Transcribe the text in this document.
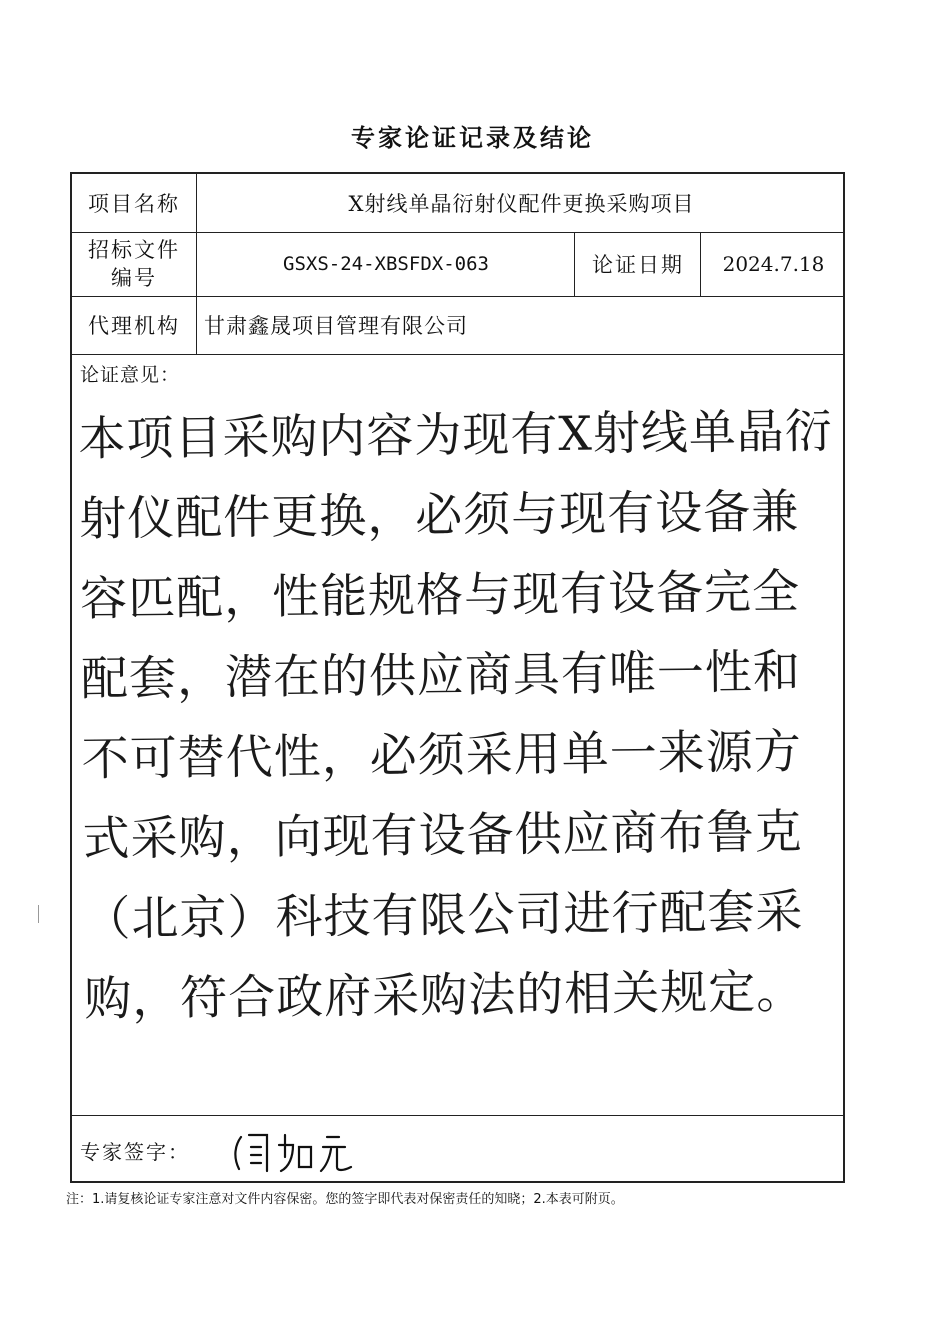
专家论证记录及结论
项目名称	X射线单晶衍射仪配件更换采购项目
招标文件
编号
GSXS-24-XBSFDX-063	论证日期	2024.7.18
代理机构	甘肃鑫晟项目管理有限公司
论证意见：
本项目采购内容为现有X射线单晶衍射仪配件更换，必须与现有设备兼容匹配，性能规格与现有设备完全配套，潜在的供应商具有唯一性和不可替代性，必须采用单一来源方式采购，向现有设备供应商布鲁克（北京）科技有限公司进行配套采购，符合政府采购法的相关规定。
专家签字：
注：1.请复核论证专家注意对文件内容保密。您的签字即代表对保密责任的知晓；2.本表可附页。
